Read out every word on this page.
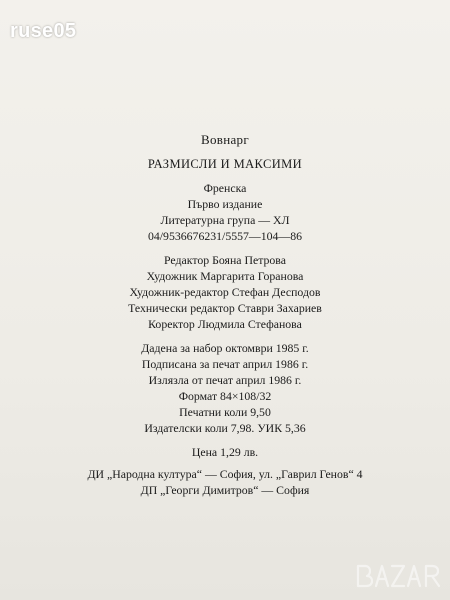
ruse05
Вовнарг
РАЗМИСЛИ И МАКСИМИ
Френска
Първо издание
Литературна група — ХЛ
04/9536676231/5557—104—86
Редактор Бояна Петрова
Художник Маргарита Горанова
Художник-редактор Стефан Десподов
Технически редактор Ставри Захариев
Коректор Людмила Стефанова
Дадена за набор октомври 1985 г.
Подписана за печат април 1986 г.
Излязла от печат април 1986 г.
Формат 84×108/32
Печатни коли 9,50
Издателски коли 7,98. УИК 5,36
Цена 1,29 лв.
ДИ „Народна култура“ — София, ул. „Гаврил Генов“ 4
ДП „Георги Димитров“ — София
